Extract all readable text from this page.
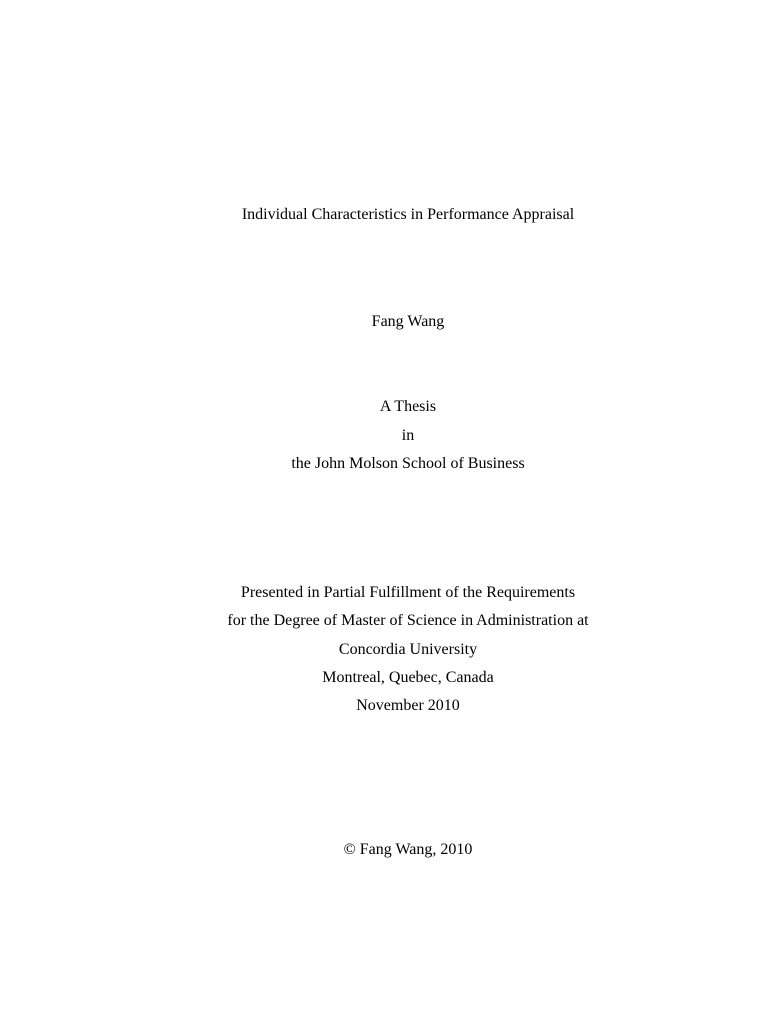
Individual Characteristics in Performance Appraisal
Fang Wang
A Thesis
in
the John Molson School of Business
Presented in Partial Fulfillment of the Requirements
for the Degree of Master of Science in Administration at
Concordia University
Montreal, Quebec, Canada
November 2010
© Fang Wang, 2010
